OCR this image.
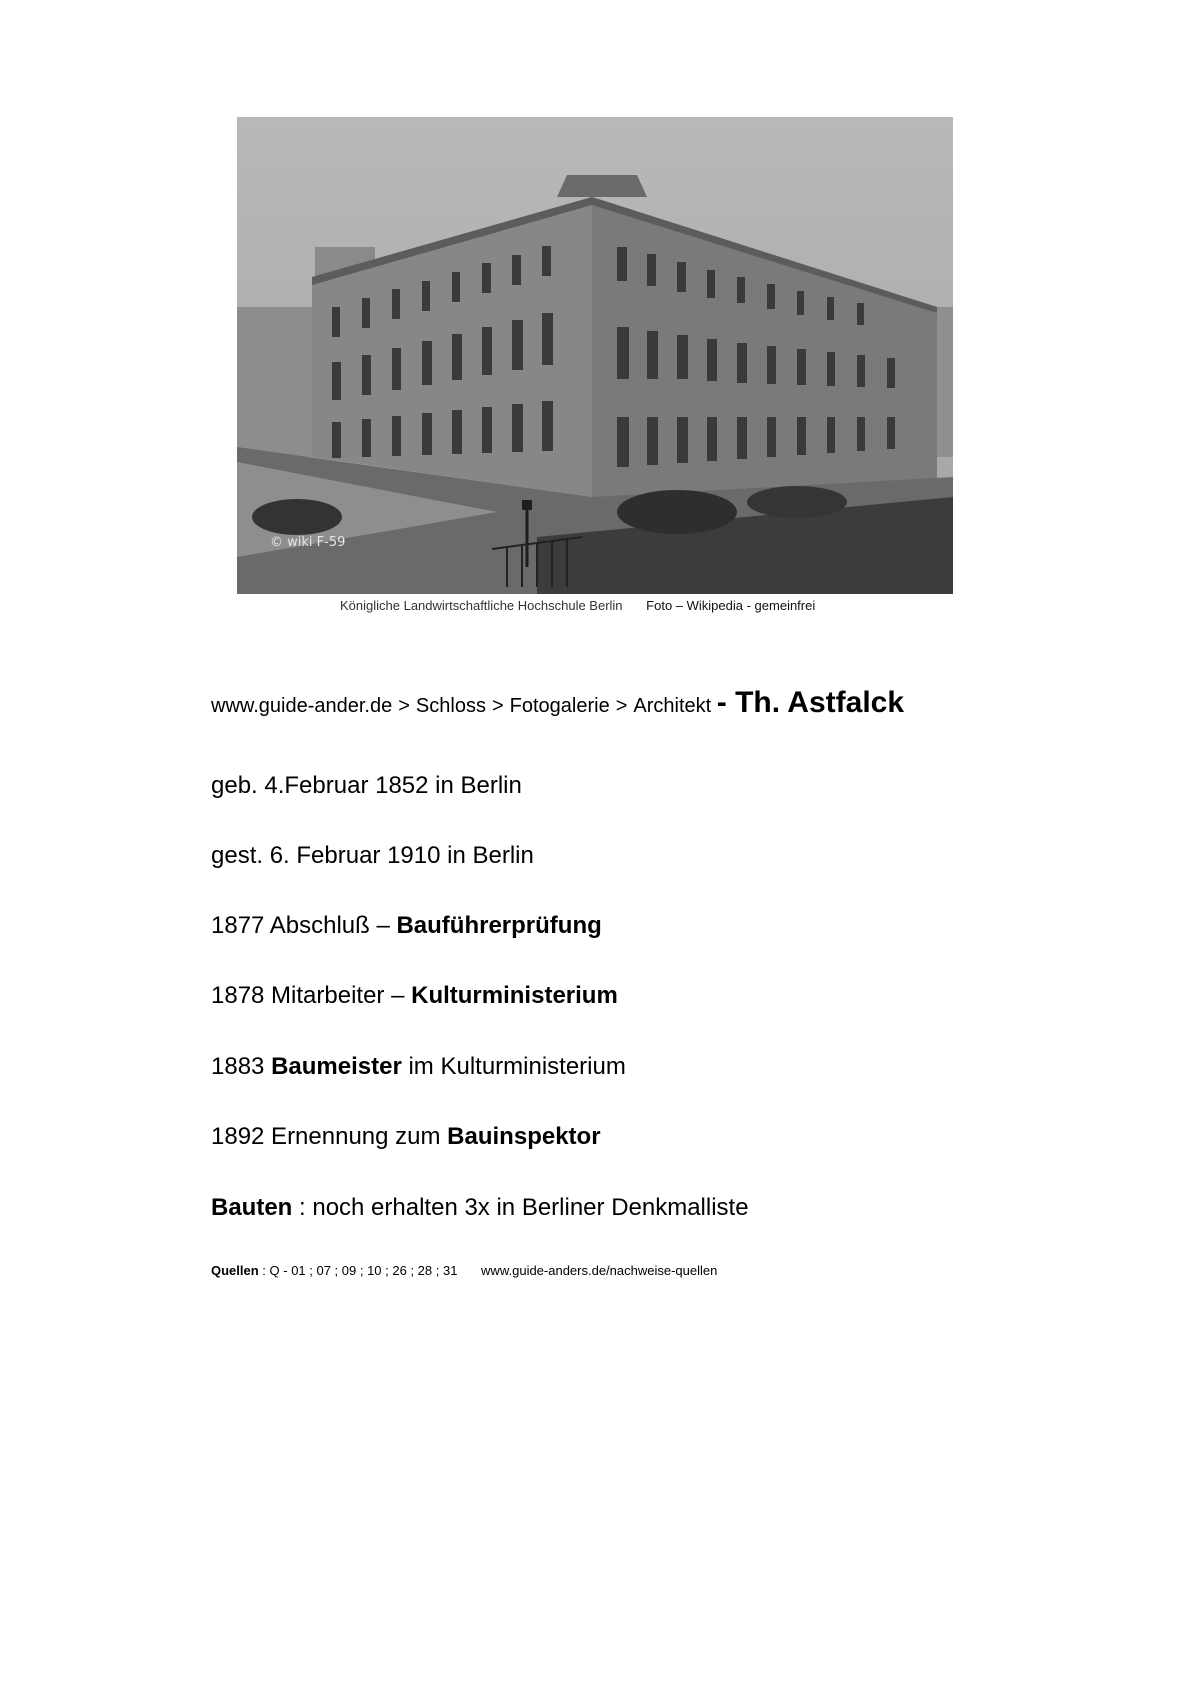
© wiki F-59
Königliche Landwirtschaftliche Hochschule Berlin Foto – Wikipedia - gemeinfrei
www.guide-ander.de > Schloss > Fotogalerie > Architekt - Th. Astfalck
geb. 4.Februar 1852 in Berlin
gest. 6. Februar 1910 in Berlin
1877 Abschluß – Bauführerprüfung
1878 Mitarbeiter – Kulturministerium
1883 Baumeister im Kulturministerium
1892 Ernennung zum Bauinspektor
Bauten : noch erhalten 3x in Berliner Denkmalliste
Quellen : Q - 01 ; 07 ; 09 ; 10 ; 26 ; 28 ; 31 www.guide-anders.de/nachweise-quellen
